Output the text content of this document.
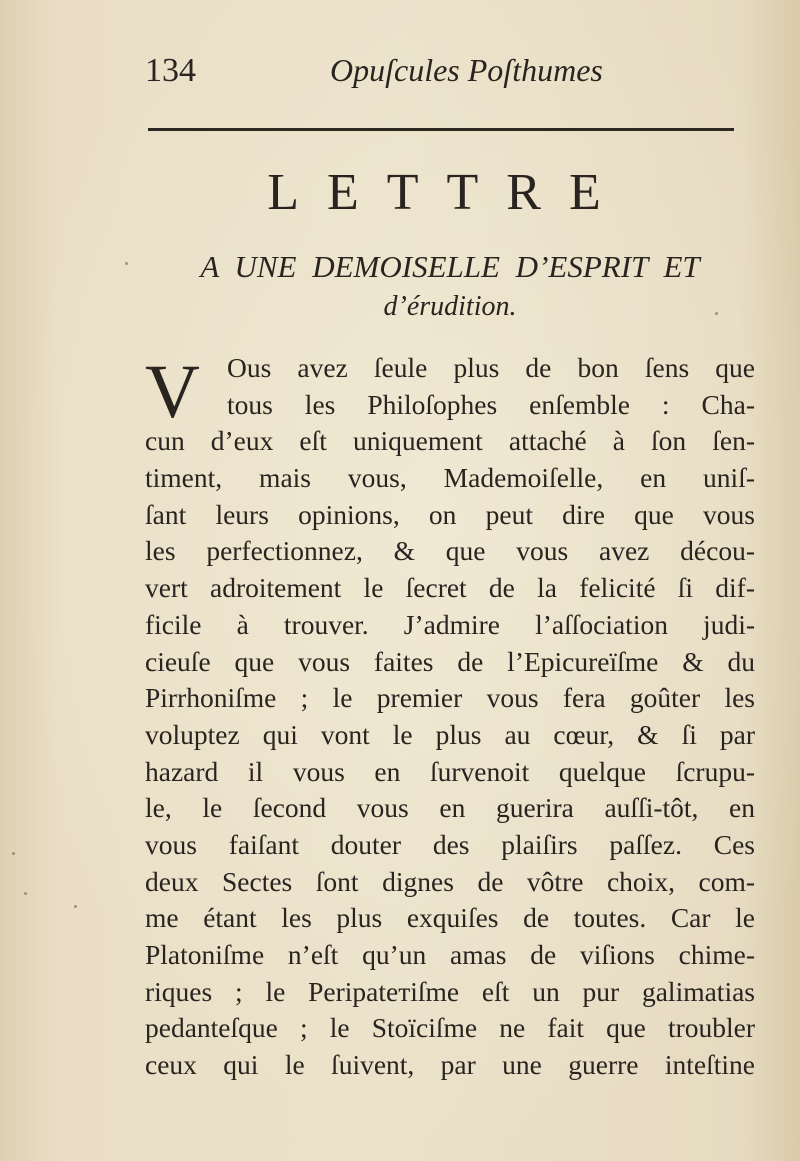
134	Opuſcules Poſthumes
LETTRE
A UNE DEMOISELLE D’ESPRIT ET
d’érudition.
V Ous avez ſeule plus de bon ſens que
tous les Philoſophes enſemble : Cha-
cun d’eux eſt uniquement attaché à ſon ſen-
timent, mais vous, Mademoiſelle, en uniſ-
ſant leurs opinions, on peut dire que vous
les perfectionnez, & que vous avez décou-
vert adroitement le ſecret de la felicité ſi dif-
ficile à trouver. J’admire l’aſſociation judi-
cieuſe que vous faites de l’Epicureïſme & du
Pirrhoniſme ; le premier vous fera goûter les
voluptez qui vont le plus au cœur, & ſi par
hazard il vous en ſurvenoit quelque ſcrupu-
le, le ſecond vous en guerira auſſi-tôt, en
vous faiſant douter des plaiſirs paſſez. Ces
deux Sectes ſont dignes de vôtre choix, com-
me étant les plus exquiſes de toutes. Car le
Platoniſme n’eſt qu’un amas de viſions chime-
riques ; le Peripateтiſme eſt un pur galimatias
pedanteſque ; le Stoïciſme ne fait que troubler
ceux qui le ſuivent, par une guerre inteſtine
